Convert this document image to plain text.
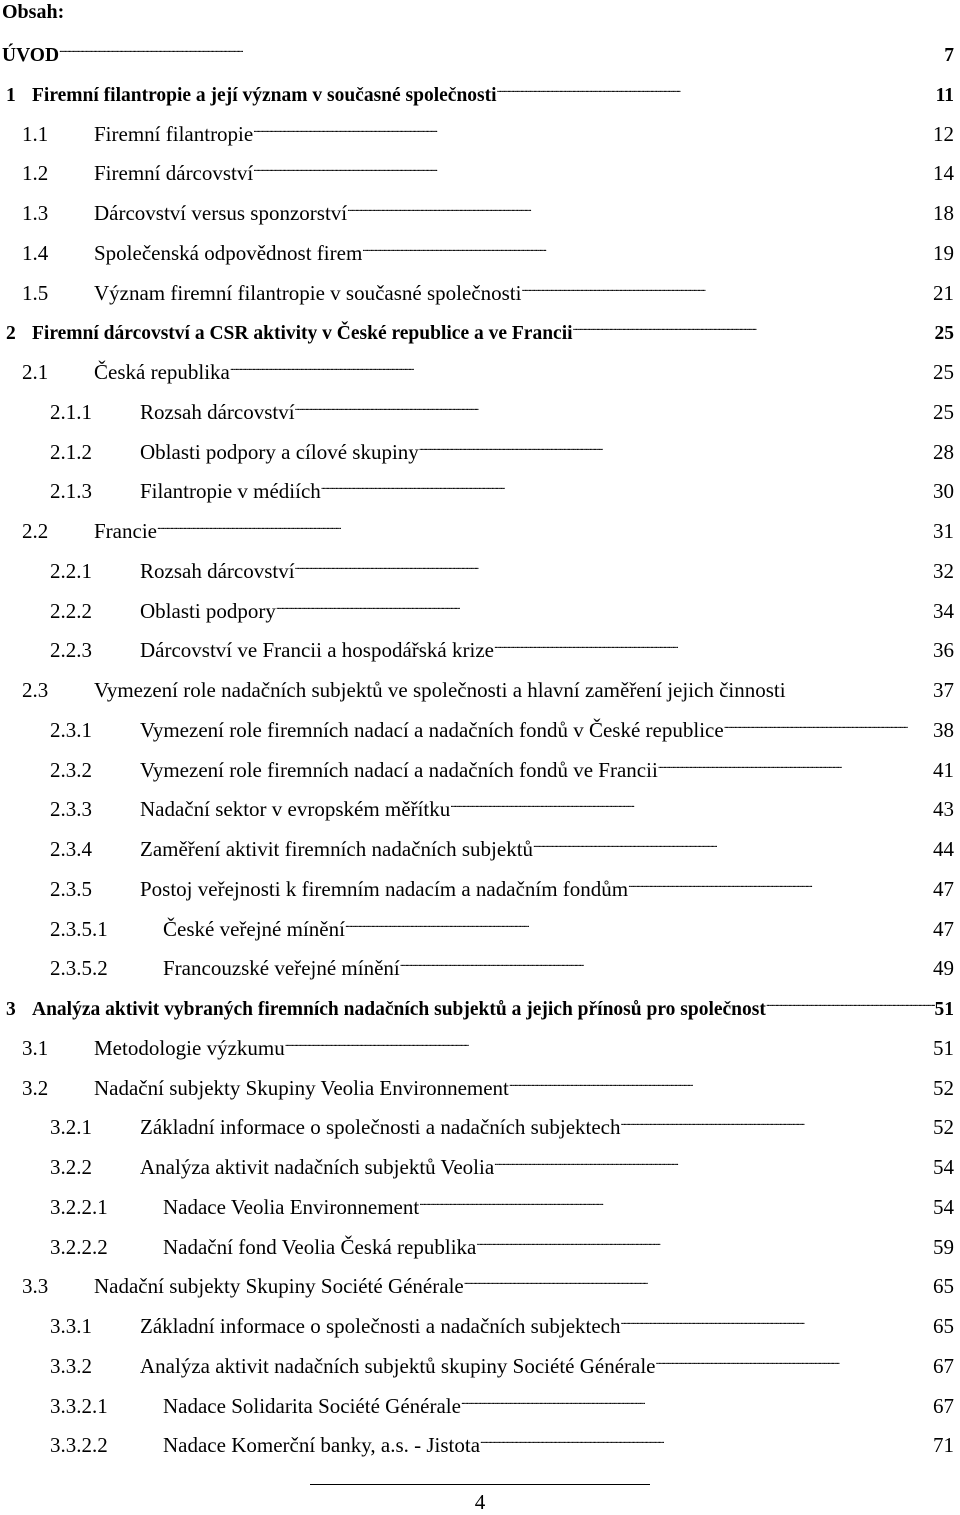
Obsah:
ÚVOD . . .	7
1 Firemní filantropie a její význam v současné společnosti . . .	11
1.1	Firemní filantropie . . .	12
1.2	Firemní dárcovství . . .	14
1.3	Dárcovství versus sponzorství . . .	18
1.4	Společenská odpovědnost firem . . .	19
1.5	Význam firemní filantropie v současné společnosti . . .	21
2 Firemní dárcovství a CSR aktivity v České republice a ve Francii . . .	25
2.1	Česká republika . . .	25
2.1.1	Rozsah dárcovství . . .	25
2.1.2	Oblasti podpory a cílové skupiny . . .	28
2.1.3	Filantropie v médiích . . .	30
2.2	Francie . . .	31
2.2.1	Rozsah dárcovství . . .	32
2.2.2	Oblasti podpory . . .	34
2.2.3	Dárcovství ve Francii a hospodářská krize . . .	36
2.3	Vymezení role nadačních subjektů ve společnosti a hlavní zaměření jejich činnosti	37
2.3.1	Vymezení role firemních nadací a nadačních fondů v České republice . . .	38
2.3.2	Vymezení role firemních nadací a nadačních fondů ve Francii . . .	41
2.3.3	Nadační sektor v evropském měřítku . . .	43
2.3.4	Zaměření aktivit firemních nadačních subjektů . . .	44
2.3.5	Postoj veřejnosti k firemním nadacím a nadačním fondům . . .	47
2.3.5.1	České veřejné mínění . . .	47
2.3.5.2	Francouzské veřejné mínění . . .	49
3 Analýza aktivit vybraných firemních nadačních subjektů a jejich přínosů pro společnost . . .	51
3.1	Metodologie výzkumu . . .	51
3.2	Nadační subjekty Skupiny Veolia Environnement . . .	52
3.2.1	Základní informace o společnosti a nadačních subjektech . . .	52
3.2.2	Analýza aktivit nadačních subjektů Veolia . . .	54
3.2.2.1	Nadace Veolia Environnement . . .	54
3.2.2.2	Nadační fond Veolia Česká republika . . .	59
3.3	Nadační subjekty Skupiny Société Générale . . .	65
3.3.1	Základní informace o společnosti a nadačních subjektech . . .	65
3.3.2	Analýza aktivit nadačních subjektů skupiny Société Générale . . .	67
3.3.2.1	Nadace Solidarita Société Générale . . .	67
3.3.2.2	Nadace Komerční banky, a.s. - Jistota . . .	71
4
